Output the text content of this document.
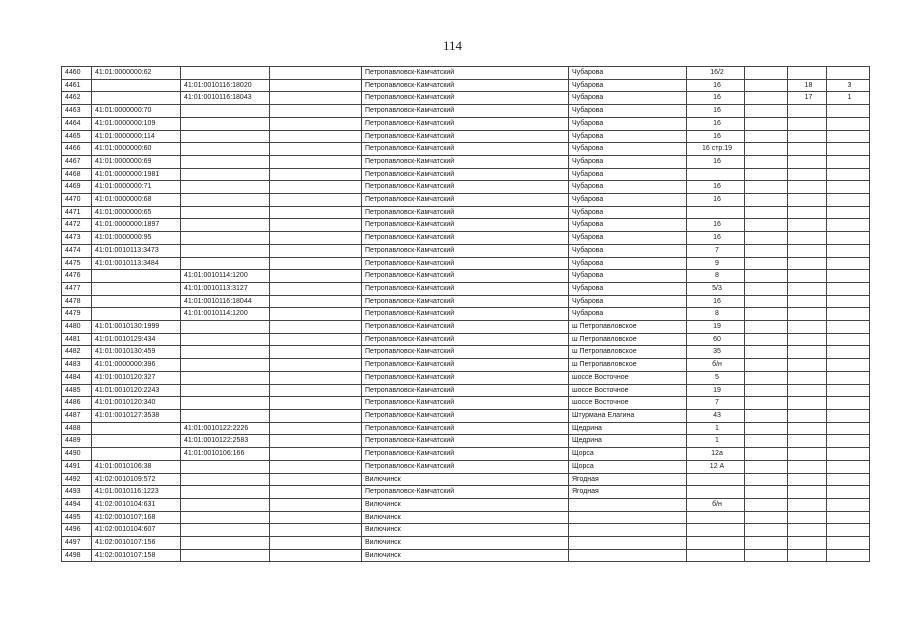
114
4460	41:01:0000000:62			Петропавловск-Камчатский	Чубарова	16/2			
4461		41:01:0010116:18020		Петропавловск-Камчатский	Чубарова	16		18	3
4462		41:01:0010116:18043		Петропавловск-Камчатский	Чубарова	16		17	1
4463	41:01:0000000:70			Петропавловск-Камчатский	Чубарова	16			
4464	41:01:0000000:109			Петропавловск-Камчатский	Чубарова	16			
4465	41:01:0000000:114			Петропавловск-Камчатский	Чубарова	16			
4466	41:01:0000000:60			Петропавловск-Камчатский	Чубарова	16 стр.19			
4467	41:01:0000000:69			Петропавловск-Камчатский	Чубарова	16			
4468	41:01:0000000:1981			Петропавловск-Камчатский	Чубарова				
4469	41:01:0000000:71			Петропавловск-Камчатский	Чубарова	16			
4470	41:01:0000000:68			Петропавловск-Камчатский	Чубарова	16			
4471	41:01:0000000:65			Петропавловск-Камчатский	Чубарова				
4472	41:01:0000000:1897			Петропавловск-Камчатский	Чубарова	16			
4473	41:01:0000000:95			Петропавловск-Камчатский	Чубарова	16			
4474	41:01:0010113:3473			Петропавловск-Камчатский	Чубарова	7			
4475	41:01:0010113:3484			Петропавловск-Камчатский	Чубарова	9			
4476		41:01:0010114:1200		Петропавловск-Камчатский	Чубарова	8			
4477		41:01:0010113:3127		Петропавловск-Камчатский	Чубарова	5/3			
4478		41:01:0010116:18044		Петропавловск-Камчатский	Чубарова	16			
4479		41:01:0010114:1200		Петропавловск-Камчатский	Чубарова	8			
4480	41:01:0010130:1999			Петропавловск-Камчатский	ш Петропавловское	19			
4481	41:01:0010129:434			Петропавловск-Камчатский	ш Петропавловское	60			
4482	41:01:0010130:459			Петропавловск-Камчатский	ш Петропавловское	35			
4483	41:01:0000000:396			Петропавловск-Камчатский	ш Петропавловское	б/н			
4484	41:01:0010120:327			Петропавловск-Камчатский	шоссе Восточное	5			
4485	41:01:0010120:2243			Петропавловск-Камчатский	шоссе Восточное	19			
4486	41:01:0010120:340			Петропавловск-Камчатский	шоссе Восточное	7			
4487	41:01:0010127:3538			Петропавловск-Камчатский	Штурмана Елагина	43			
4488		41:01:0010122:2226		Петропавловск-Камчатский	Щедрина	1			
4489		41:01:0010122:2583		Петропавловск-Камчатский	Щедрина	1			
4490		41:01:0010106:166		Петропавловск-Камчатский	Щорса	12а			
4491	41:01:0010106:38			Петропавловск-Камчатский	Щорса	12 А			
4492	41:02:0010109:572			Вилючинск	Ягодная				
4493	41:01:0010116:1223			Петропавловск-Камчатский	Ягодная				
4494	41:02:0010104:631			Вилючинск		б/н			
4495	41:02:0010107:168			Вилючинск					
4496	41:02:0010104:607			Вилючинск					
4497	41:02:0010107:156			Вилючинск					
4498	41:02:0010107:158			Вилючинск					
